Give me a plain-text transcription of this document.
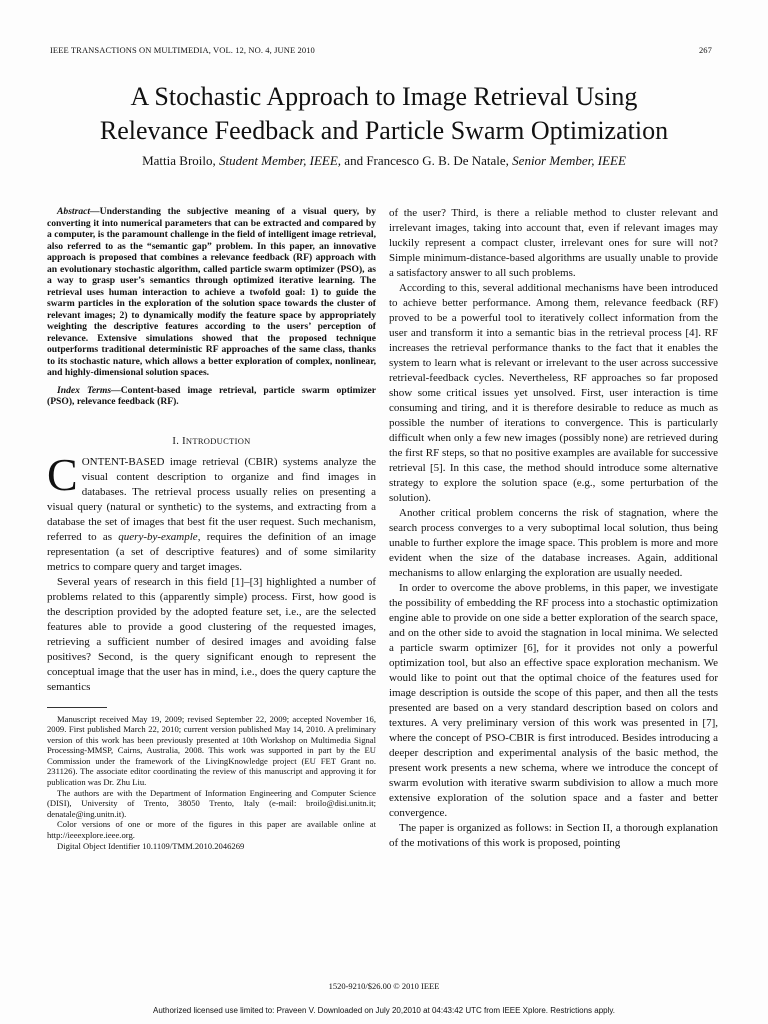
IEEE TRANSACTIONS ON MULTIMEDIA, VOL. 12, NO. 4, JUNE 2010	267
A Stochastic Approach to Image Retrieval Using
Relevance Feedback and Particle Swarm Optimization
Mattia Broilo, Student Member, IEEE, and Francesco G. B. De Natale, Senior Member, IEEE

Abstract—Understanding the subjective meaning of a visual query, by converting it into numerical parameters that can be extracted and compared by a computer, is the paramount challenge in the field of intelligent image retrieval, also referred to as the “semantic gap” problem. In this paper, an innovative approach is proposed that combines a relevance feedback (RF) approach with an evolutionary stochastic algorithm, called particle swarm optimizer (PSO), as a way to grasp user’s semantics through optimized iterative learning. The retrieval uses human interaction to achieve a twofold goal: 1) to guide the swarm particles in the exploration of the solution space towards the cluster of relevant images; 2) to dynamically modify the feature space by appropriately weighting the descriptive features according to the users’ perception of relevance. Extensive simulations showed that the proposed technique outperforms traditional deterministic RF approaches of the same class, thanks to its stochastic nature, which allows a better exploration of complex, nonlinear, and highly-dimensional solution spaces.

Index Terms—Content-based image retrieval, particle swarm optimizer (PSO), relevance feedback (RF).

I. INTRODUCTION

CONTENT-BASED image retrieval (CBIR) systems analyze the visual content description to organize and find images in databases. The retrieval process usually relies on presenting a visual query (natural or synthetic) to the systems, and extracting from a database the set of images that best fit the user request. Such mechanism, referred to as query-by-example, requires the definition of an image representation (a set of descriptive features) and of some similarity metrics to compare query and target images.

Several years of research in this field [1]–[3] highlighted a number of problems related to this (apparently simple) process. First, how good is the description provided by the adopted feature set, i.e., are the selected features able to provide a good clustering of the requested images, retrieving a sufficient number of desired images and avoiding false positives? Second, is the query significant enough to represent the conceptual image that the user has in mind, i.e., does the query capture the semantics

Manuscript received May 19, 2009; revised September 22, 2009; accepted November 16, 2009. First published March 22, 2010; current version published May 14, 2010. A preliminary version of this work has been previously presented at 10th Workshop on Multimedia Signal Processing-MMSP, Cairns, Australia, 2008. This work was supported in part by the EU Commission under the framework of the LivingKnowledge project (EU FET Grant no. 231126). The associate editor coordinating the review of this manuscript and approving it for publication was Dr. Zhu Liu.

The authors are with the Department of Information Engineering and Computer Science (DISI), University of Trento, 38050 Trento, Italy (e-mail: broilo@disi.unitn.it; denatale@ing.unitn.it).

Color versions of one or more of the figures in this paper are available online at http://ieeexplore.ieee.org.

Digital Object Identifier 10.1109/TMM.2010.2046269

of the user? Third, is there a reliable method to cluster relevant and irrelevant images, taking into account that, even if relevant images may luckily represent a compact cluster, irrelevant ones for sure will not? Simple minimum-distance-based algorithms are usually unable to provide a satisfactory answer to all such problems.

According to this, several additional mechanisms have been introduced to achieve better performance. Among them, relevance feedback (RF) proved to be a powerful tool to iteratively collect information from the user and transform it into a semantic bias in the retrieval process [4]. RF increases the retrieval performance thanks to the fact that it enables the system to learn what is relevant or irrelevant to the user across successive retrieval-feedback cycles. Nevertheless, RF approaches so far proposed show some critical issues yet unsolved. First, user interaction is time consuming and tiring, and it is therefore desirable to reduce as much as possible the number of iterations to convergence. This is particularly difficult when only a few new images (possibly none) are retrieved during the first RF steps, so that no positive examples are available for successive retrieval [5]. In this case, the method should introduce some alternative strategy to explore the solution space (e.g., some perturbation of the solution).

Another critical problem concerns the risk of stagnation, where the search process converges to a very suboptimal local solution, thus being unable to further explore the image space. This problem is more and more evident when the size of the database increases. Again, additional mechanisms to allow enlarging the exploration are usually needed.

In order to overcome the above problems, in this paper, we investigate the possibility of embedding the RF process into a stochastic optimization engine able to provide on one side a better exploration of the search space, and on the other side to avoid the stagnation in local minima. We selected a particle swarm optimizer [6], for it provides not only a powerful optimization tool, but also an effective space exploration mechanism. We would like to point out that the optimal choice of the features used for image description is outside the scope of this paper, and then all the tests presented are based on a very standard description based on colors and textures. A very preliminary version of this work was presented in [7], where the concept of PSO-CBIR is first introduced. Besides introducing a deeper description and experimental analysis of the basic method, the present work presents a new schema, where we introduce the concept of swarm evolution with iterative swarm subdivision to allow a much more extensive exploration of the solution space and a faster and better convergence.

The paper is organized as follows: in Section II, a thorough explanation of the motivations of this work is proposed, pointing

1520-9210/$26.00 © 2010 IEEE
Authorized licensed use limited to: Praveen V. Downloaded on July 20,2010 at 04:43:42 UTC from IEEE Xplore. Restrictions apply.
